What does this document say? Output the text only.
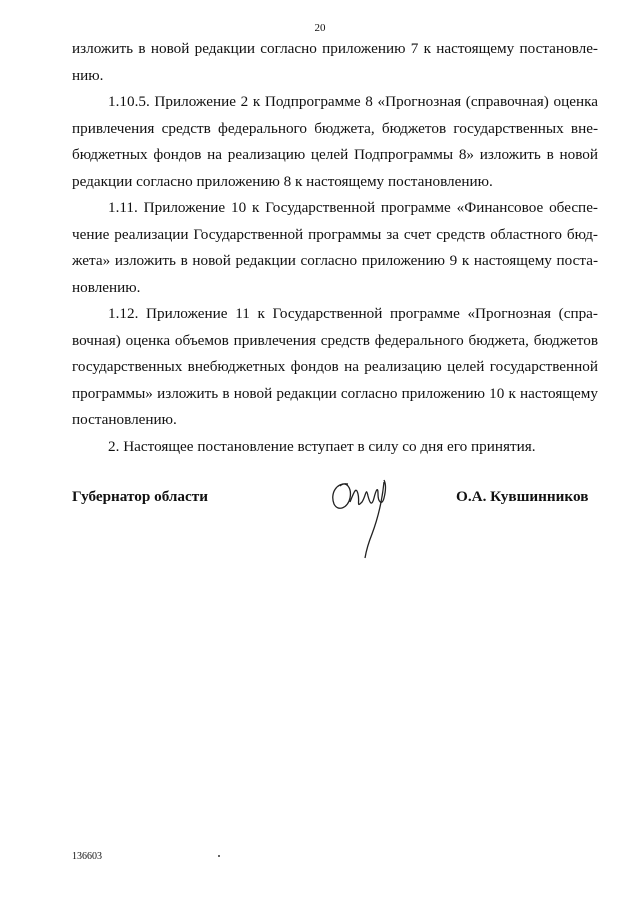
20
изложить в новой редакции согласно приложению 7 к настоящему постановле-
нию.
1.10.5. Приложение 2 к Подпрограмме 8 «Прогнозная (справочная) оценка
привлечения средств федерального бюджета, бюджетов государственных вне-
бюджетных фондов на реализацию целей Подпрограммы 8» изложить в новой
редакции согласно приложению 8 к настоящему постановлению.
1.11. Приложение 10 к Государственной программе «Финансовое обеспе-
чение реализации Государственной программы за счет средств областного бюд-
жета» изложить в новой редакции согласно приложению 9 к настоящему поста-
новлению.
1.12. Приложение 11 к Государственной программе «Прогнозная (спра-
вочная) оценка объемов привлечения средств федерального бюджета, бюджетов
государственных внебюджетных фондов на реализацию целей государственной
программы» изложить в новой редакции согласно приложению 10 к настоящему
постановлению.
2. Настоящее постановление вступает в силу со дня его принятия.
Губернатор области	О.А. Кувшинников
136603
